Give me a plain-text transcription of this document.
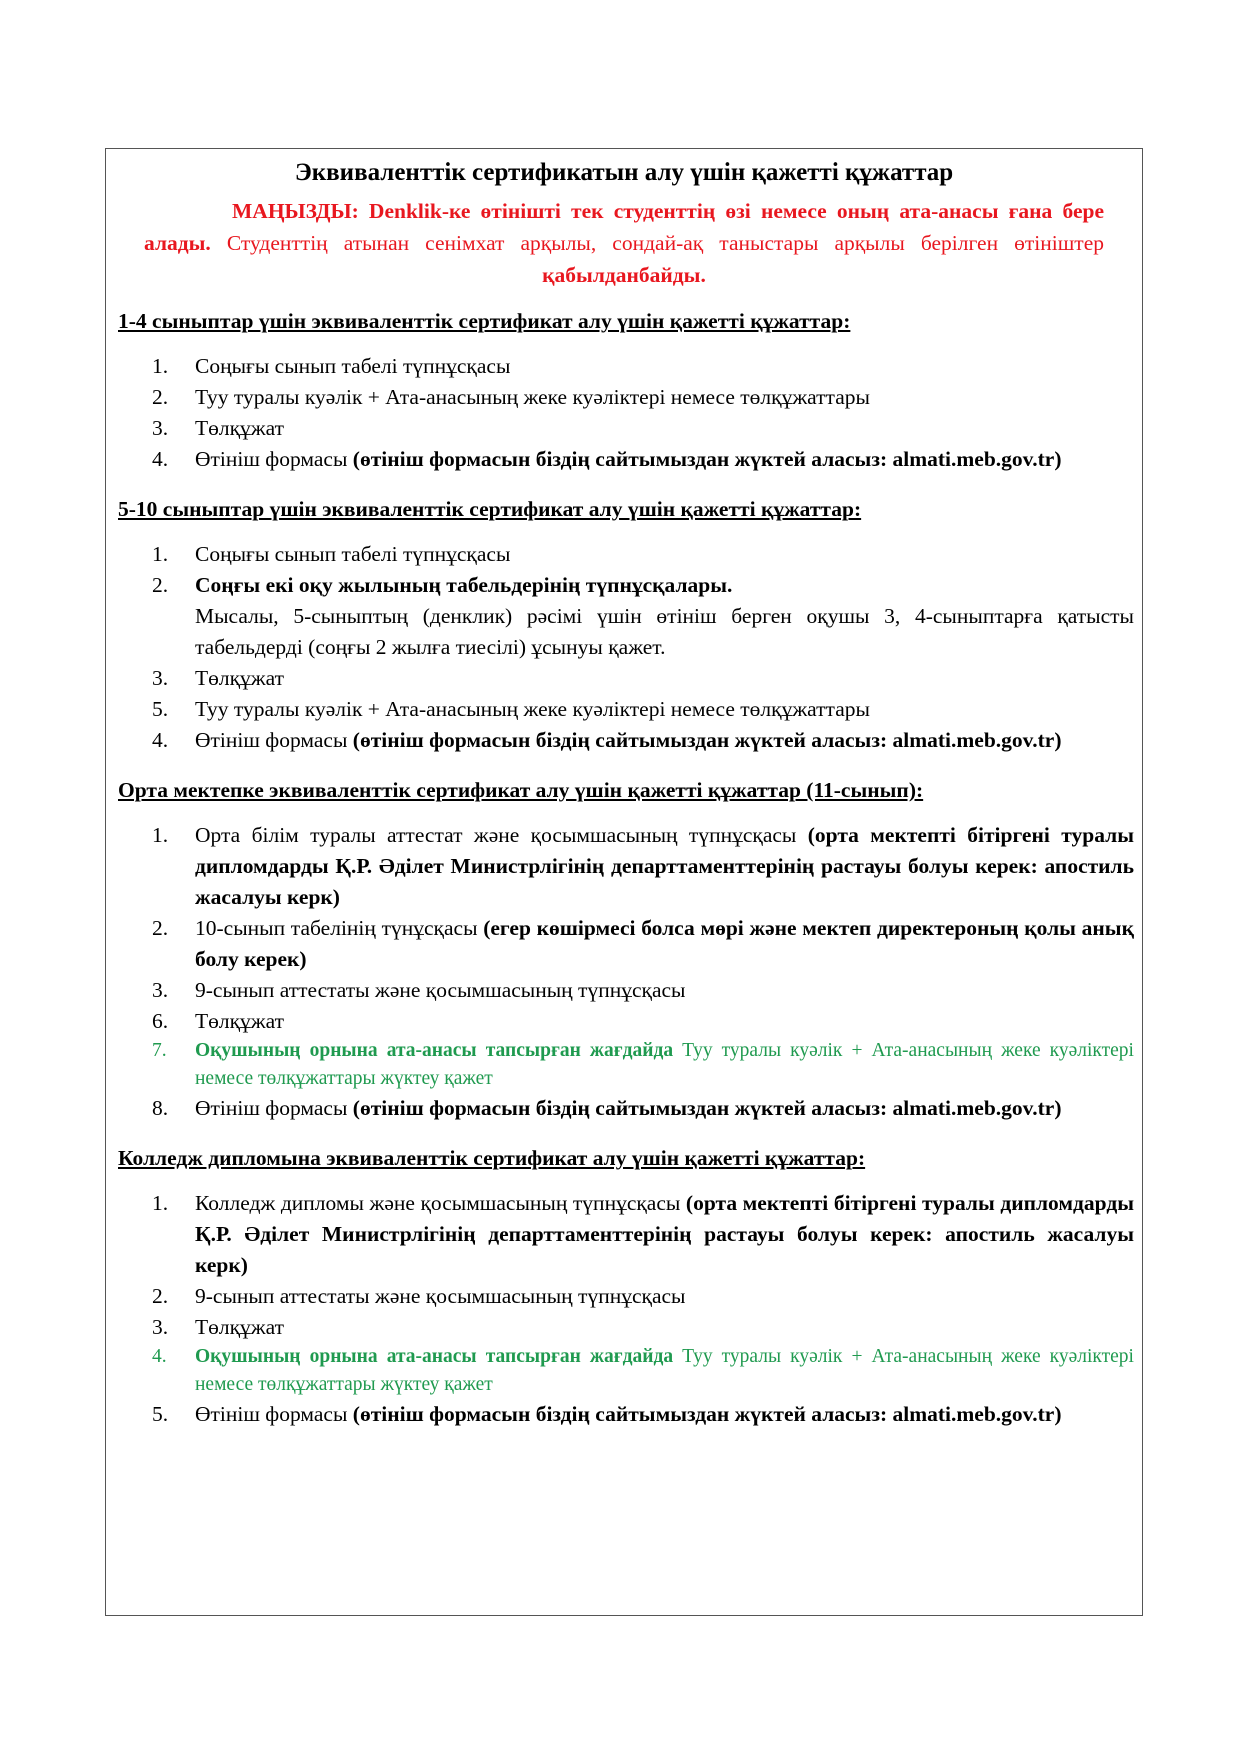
Эквиваленттік сертификатын алу үшін қажетті құжаттар
МАҢЫЗДЫ: Denklik-ке өтінішті тек студенттің өзі немесе оның ата-анасы ғана бере алады. Студенттің атынан сенімхат арқылы, сондай-ақ таныстары арқылы берілген өтініштер қабылданбайды.
1-4 сыныптар үшін эквиваленттік сертификат алу үшін қажетті құжаттар:
1.	Соңығы сынып табелі түпнұсқасы
2.	Туу туралы куәлік + Ата-анасының жеке куәліктері немесе төлқұжаттары
3.	Төлқұжат
4.	Өтініш формасы (өтініш формасын біздің сайтымыздан жүктей аласыз: almati.meb.gov.tr)
5-10 сыныптар үшін эквиваленттік сертификат алу үшін қажетті құжаттар:
1.	Соңығы сынып табелі түпнұсқасы
2.	Соңғы екі оқу жылының табельдерінің түпнұсқалары.
Мысалы, 5-сыныптың (денклик) рәсімі үшін өтініш берген оқушы 3, 4-сыныптарға қатысты табельдерді (соңғы 2 жылға тиесілі) ұсынуы қажет.
3.	Төлқұжат
5.	Туу туралы куәлік + Ата-анасының жеке куәліктері немесе төлқұжаттары
4.	Өтініш формасы (өтініш формасын біздің сайтымыздан жүктей аласыз: almati.meb.gov.tr)
Орта мектепке эквиваленттік сертификат алу үшін қажетті құжаттар (11-сынып):
1.	Орта білім туралы аттестат және қосымшасының түпнұсқасы (орта мектепті бітіргені туралы дипломдарды Қ.Р. Әділет Министрлігінің департтаменттерінің растауы болуы керек: апостиль жасалуы керк)
2.	10-сынып табелінің түнұсқасы (егер көшірмесі болса мөрі және мектеп директероның қолы анық болу керек)
3.	9-сынып аттестаты және қосымшасының түпнұсқасы
6.	Төлқұжат
7.	Оқушының орнына ата-анасы тапсырған жағдайда Туу туралы куәлік + Ата-анасының жеке куәліктері немесе төлқұжаттары жүктеу қажет
8.	Өтініш формасы (өтініш формасын біздің сайтымыздан жүктей аласыз: almati.meb.gov.tr)
Колледж дипломына эквиваленттік сертификат алу үшін қажетті құжаттар:
1.	Колледж дипломы және қосымшасының түпнұсқасы (орта мектепті бітіргені туралы дипломдарды Қ.Р. Әділет Министрлігінің департтаменттерінің растауы болуы керек: апостиль жасалуы керк)
2.	9-сынып аттестаты және қосымшасының түпнұсқасы
3.	Төлқұжат
4.	Оқушының орнына ата-анасы тапсырған жағдайда Туу туралы куәлік + Ата-анасының жеке куәліктері немесе төлқұжаттары жүктеу қажет
5.	Өтініш формасы (өтініш формасын біздің сайтымыздан жүктей аласыз: almati.meb.gov.tr)
